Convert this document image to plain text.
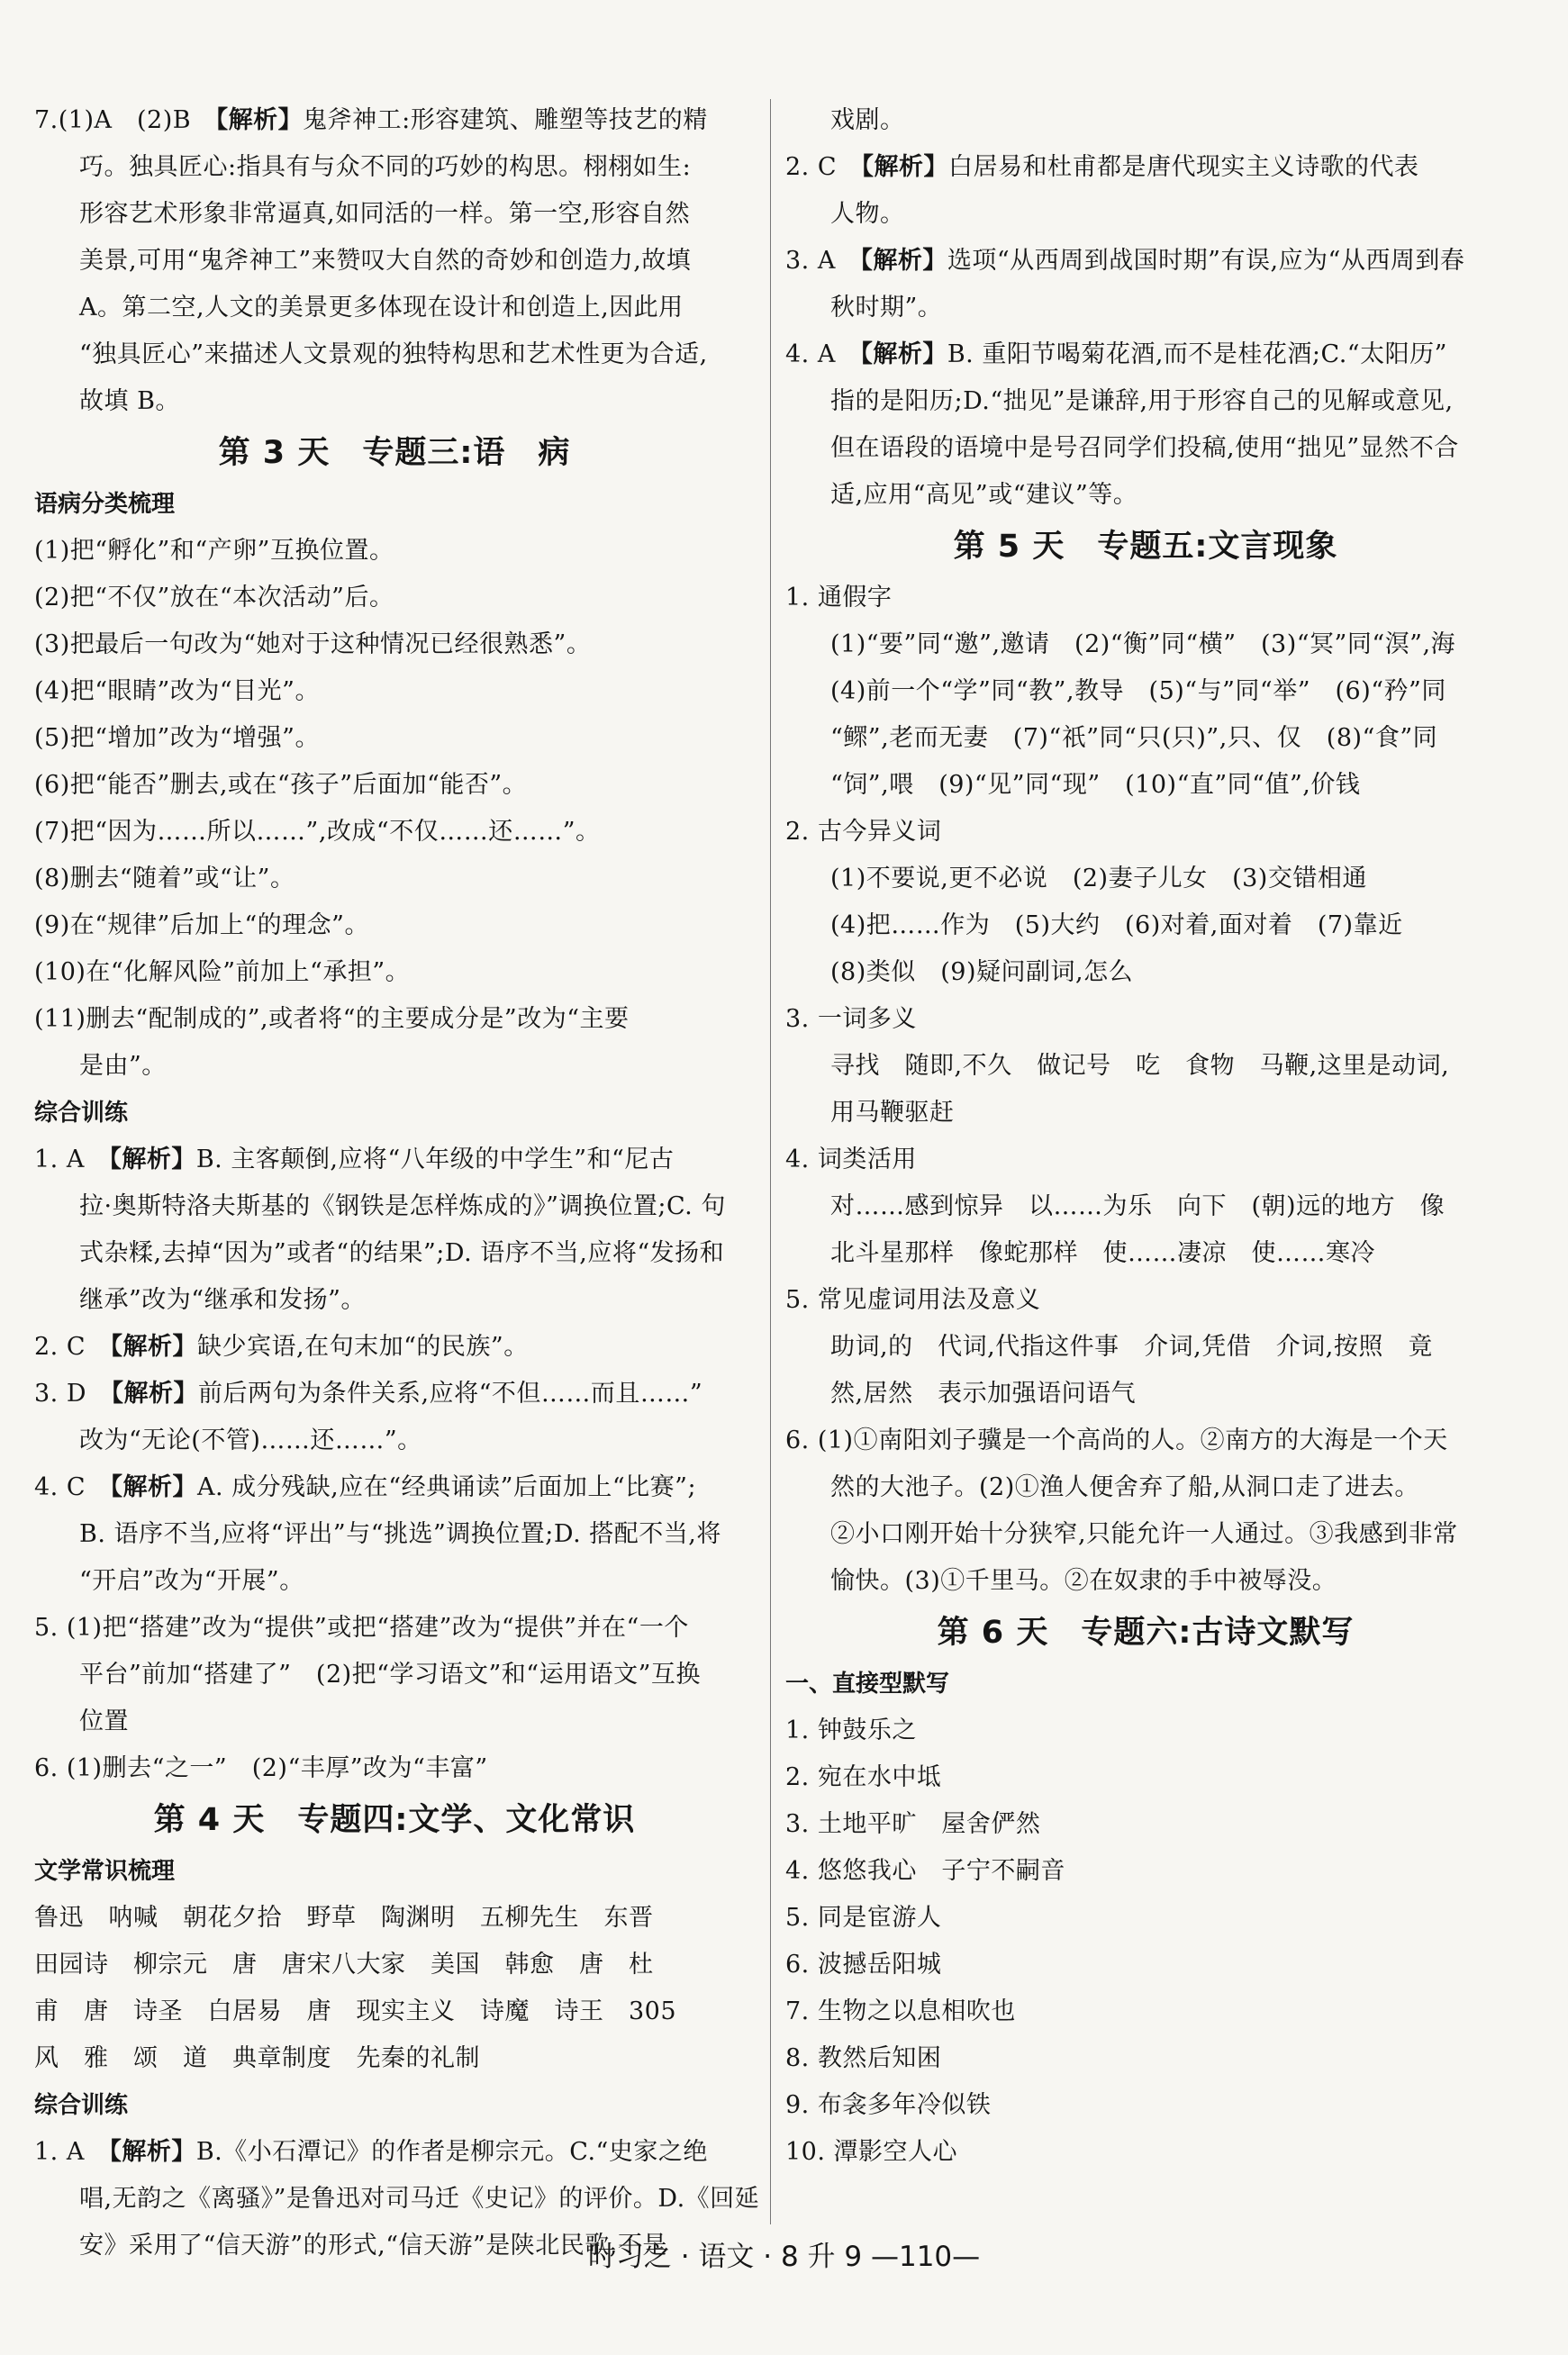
7.(1)A　(2)B　【解析】鬼斧神工:形容建筑、雕塑等技艺的精
巧。独具匠心:指具有与众不同的巧妙的构思。栩栩如生:
形容艺术形象非常逼真,如同活的一样。第一空,形容自然
美景,可用“鬼斧神工”来赞叹大自然的奇妙和创造力,故填
A。第二空,人文的美景更多体现在设计和创造上,因此用
“独具匠心”来描述人文景观的独特构思和艺术性更为合适,
故填 B。
第 3 天　专题三:语　病
语病分类梳理
(1)把“孵化”和“产卵”互换位置。
(2)把“不仅”放在“本次活动”后。
(3)把最后一句改为“她对于这种情况已经很熟悉”。
(4)把“眼睛”改为“目光”。
(5)把“增加”改为“增强”。
(6)把“能否”删去,或在“孩子”后面加“能否”。
(7)把“因为……所以……”,改成“不仅……还……”。
(8)删去“随着”或“让”。
(9)在“规律”后加上“的理念”。
(10)在“化解风险”前加上“承担”。
(11)删去“配制成的”,或者将“的主要成分是”改为“主要
是由”。
综合训练
1. A　【解析】B. 主客颠倒,应将“八年级的中学生”和“尼古
拉·奥斯特洛夫斯基的《钢铁是怎样炼成的》”调换位置;C. 句
式杂糅,去掉“因为”或者“的结果”;D. 语序不当,应将“发扬和
继承”改为“继承和发扬”。
2. C　【解析】缺少宾语,在句末加“的民族”。
3. D　【解析】前后两句为条件关系,应将“不但……而且……”
改为“无论(不管)……还……”。
4. C　【解析】A. 成分残缺,应在“经典诵读”后面加上“比赛”;
B. 语序不当,应将“评出”与“挑选”调换位置;D. 搭配不当,将
“开启”改为“开展”。
5. (1)把“搭建”改为“提供”或把“搭建”改为“提供”并在“一个
平台”前加“搭建了”　(2)把“学习语文”和“运用语文”互换
位置
6. (1)删去“之一”　(2)“丰厚”改为“丰富”
第 4 天　专题四:文学、文化常识
文学常识梳理
鲁迅　呐喊　朝花夕拾　野草　陶渊明　五柳先生　东晋
田园诗　柳宗元　唐　唐宋八大家　美国　韩愈　唐　杜
甫　唐　诗圣　白居易　唐　现实主义　诗魔　诗王　305
风　雅　颂　道　典章制度　先秦的礼制
综合训练
1. A　【解析】B.《小石潭记》的作者是柳宗元。C.“史家之绝
唱,无韵之《离骚》”是鲁迅对司马迁《史记》的评价。D.《回延
安》采用了“信天游”的形式,“信天游”是陕北民歌,不是
戏剧。
2. C　【解析】白居易和杜甫都是唐代现实主义诗歌的代表
人物。
3. A　【解析】选项“从西周到战国时期”有误,应为“从西周到春
秋时期”。
4. A　【解析】B. 重阳节喝菊花酒,而不是桂花酒;C.“太阳历”
指的是阳历;D.“拙见”是谦辞,用于形容自己的见解或意见,
但在语段的语境中是号召同学们投稿,使用“拙见”显然不合
适,应用“高见”或“建议”等。
第 5 天　专题五:文言现象
1. 通假字
(1)“要”同“邀”,邀请　(2)“衡”同“横”　(3)“冥”同“溟”,海
(4)前一个“学”同“教”,教导　(5)“与”同“举”　(6)“矜”同
“鳏”,老而无妻　(7)“祇”同“只(只)”,只、仅　(8)“食”同
“饲”,喂　(9)“见”同“现”　(10)“直”同“值”,价钱
2. 古今异义词
(1)不要说,更不必说　(2)妻子儿女　(3)交错相通
(4)把……作为　(5)大约　(6)对着,面对着　(7)靠近
(8)类似　(9)疑问副词,怎么
3. 一词多义
寻找　随即,不久　做记号　吃　食物　马鞭,这里是动词,
用马鞭驱赶
4. 词类活用
对……感到惊异　以……为乐　向下　(朝)远的地方　像
北斗星那样　像蛇那样　使……凄凉　使……寒冷
5. 常见虚词用法及意义
助词,的　代词,代指这件事　介词,凭借　介词,按照　竟
然,居然　表示加强语问语气
6. (1)①南阳刘子骥是一个高尚的人。②南方的大海是一个天
然的大池子。(2)①渔人便舍弃了船,从洞口走了进去。
②小口刚开始十分狭窄,只能允许一人通过。③我感到非常
愉快。(3)①千里马。②在奴隶的手中被辱没。
第 6 天　专题六:古诗文默写
一、直接型默写
1. 钟鼓乐之
2. 宛在水中坻
3. 土地平旷　屋舍俨然
4. 悠悠我心　子宁不嗣音
5. 同是宦游人
6. 波撼岳阳城
7. 生物之以息相吹也
8. 教然后知困
9. 布衾多年冷似铁
10. 潭影空人心
时习之 · 语文 · 8 升 9 —110—
